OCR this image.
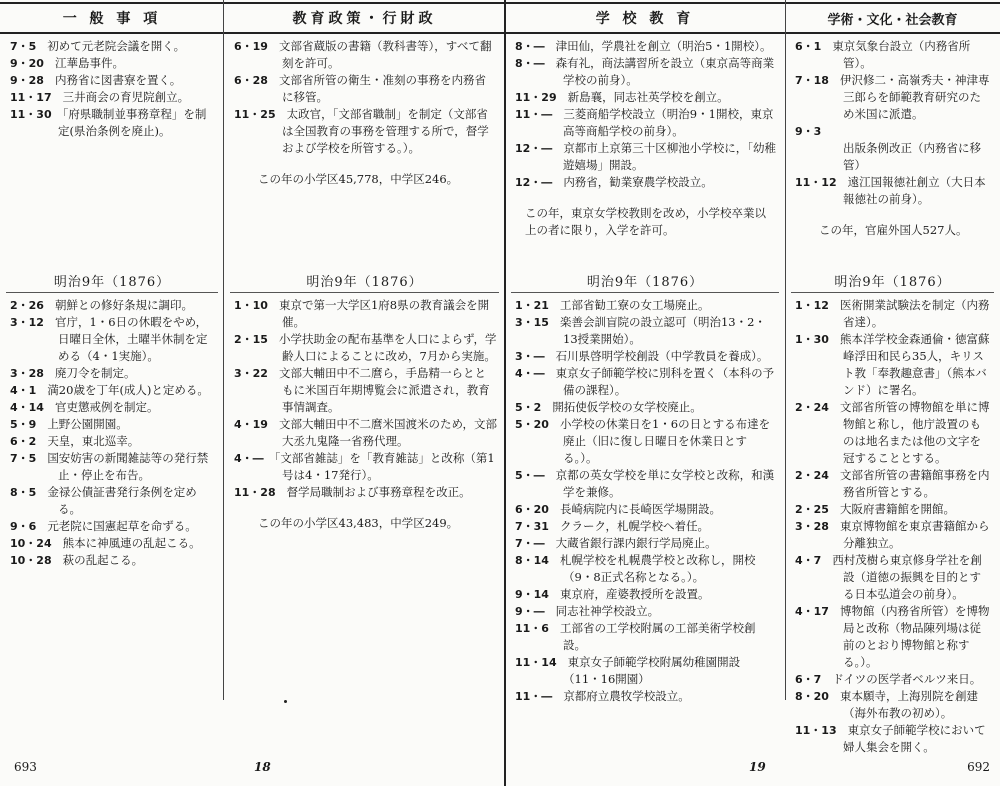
一 般 事 項

7・5　初めて元老院会議を開く。

9・20　江華島事件。

9・28　内務省に図書寮を置く。

11・17　三井商会の育児院創立。

11・30　「府県職制並事務章程」を制定(県治条例を廃止)。

明治9年（1876）

2・26　朝鮮との修好条規に調印。

3・12　官庁，1・6日の休暇をやめ，日曜日全休，土曜半休制を定める（4・1実施）。

3・28　廃刀令を制定。

4・1　満20歳を丁年(成人)と定める。

4・14　官吏懲戒例を制定。

5・9　上野公園開園。

6・2　天皇，東北巡幸。

7・5　国安妨害の新聞雑誌等の発行禁止・停止を布告。

8・5　金禄公債証書発行条例を定める。

9・6　元老院に国憲起草を命ずる。

10・24　熊本に神風連の乱起こる。

10・28　萩の乱起こる。

693
教育政策・行財政

6・19　文部省蔵版の書籍（教科書等），すべて翻刻を許可。

6・28　文部省所管の衛生・准刻の事務を内務省に移管。

11・25　太政官，「文部省職制」を制定（文部省は全国教育の事務を管理する所で，督学および学校を所管する。）。

この年の小学区45,778，中学区246。
明治9年（1876）

1・10　東京で第一大学区1府8県の教育議会を開催。

2・15　小学扶助金の配布基準を人口によらず，学齢人口によることに改め，7月から実施。

3・22　文部大輔田中不二麿ら，手島精一らとともに米国百年期博覧会に派遣され，教育事情調査。

4・19　文部大輔田中不二麿米国渡米のため，文部大丞九鬼隆一省務代理。

4・―　「文部省雑誌」を「教育雑誌」と改称（第1号は4・17発行）。

11・28　督学局職制および事務章程を改正。

この年の小学区43,483，中学区249。
18
学 校 教 育

8・―　津田仙，学農社を創立（明治5・1開校）。

8・―　森有礼，商法講習所を設立（東京高等商業学校の前身）。

11・29　新島襄，同志社英学校を創立。

11・―　三菱商船学校設立（明治9・1開校，東京高等商船学校の前身）。

12・―　京都市上京第三十区柳池小学校に，「幼稚遊嬉場」開設。

12・―　内務省，勧業寮農学校設立。

この年，東京女学校教則を改め，小学校卒業以上の者に限り，入学を許可。
明治9年（1876）

1・21　工部省勧工寮の女工場廃止。

3・15　楽善会訓盲院の設立認可（明治13・2・13授業開始）。

3・―　石川県啓明学校創設（中学教員を養成）。

4・―　東京女子師範学校に別科を置く（本科の予備の課程）。

5・2　開拓使仮学校の女学校廃止。

5・20　小学校の休業日を1・6の日とする布達を廃止（旧に復し日曜日を休業日とする。）。

5・―　京都の英女学校を単に女学校と改称，和漢学を兼修。

6・20　長崎病院内に長崎医学場開設。

7・31　クラーク，札幌学校へ着任。

7・―　大蔵省銀行課内銀行学局廃止。

8・14　札幌学校を札幌農学校と改称し，開校（9・8正式名称となる。）。

9・14　東京府，産婆教授所を設置。

9・―　同志社神学校設立。

11・6　工部省の工学校附属の工部美術学校創設。

11・14　東京女子師範学校附属幼稚園開設（11・16開園）

11・―　京都府立農牧学校設立。

19
学術・文化・社会教育

6・1　東京気象台設立（内務省所管）。

7・18　伊沢修二・高嶺秀夫・神津専三郎らを師範教育研究のため米国に派遣。

9・3　出版条例改正（内務省に移管）

11・12　遠江国報徳社創立（大日本報徳社の前身）。

この年，官雇外国人527人。
明治9年（1876）

1・12　医術開業試験法を制定（内務省達）。

1・30　熊本洋学校金森通倫・徳富蘇峰浮田和民ら35人，キリスト教「奉教趣意書」（熊本バンド）に署名。

2・24　文部省所管の博物館を単に博物館と称し，他庁設置のものは地名または他の文字を冠することとする。

2・24　文部省所管の書籍館事務を内務省所管とする。

2・25　大阪府書籍館を開館。

3・28　東京博物館を東京書籍館から分離独立。

4・7　西村茂樹ら東京修身学社を創設（道徳の振興を目的とする日本弘道会の前身）。

4・17　博物館（内務省所管）を博物局と改称（物品陳列場は従前のとおり博物館と称する。）。

6・7　ドイツの医学者ベルツ来日。

8・20　東本願寺，上海別院を創建（海外布教の初め）。

11・13　東京女子師範学校において婦人集会を開く。

692
